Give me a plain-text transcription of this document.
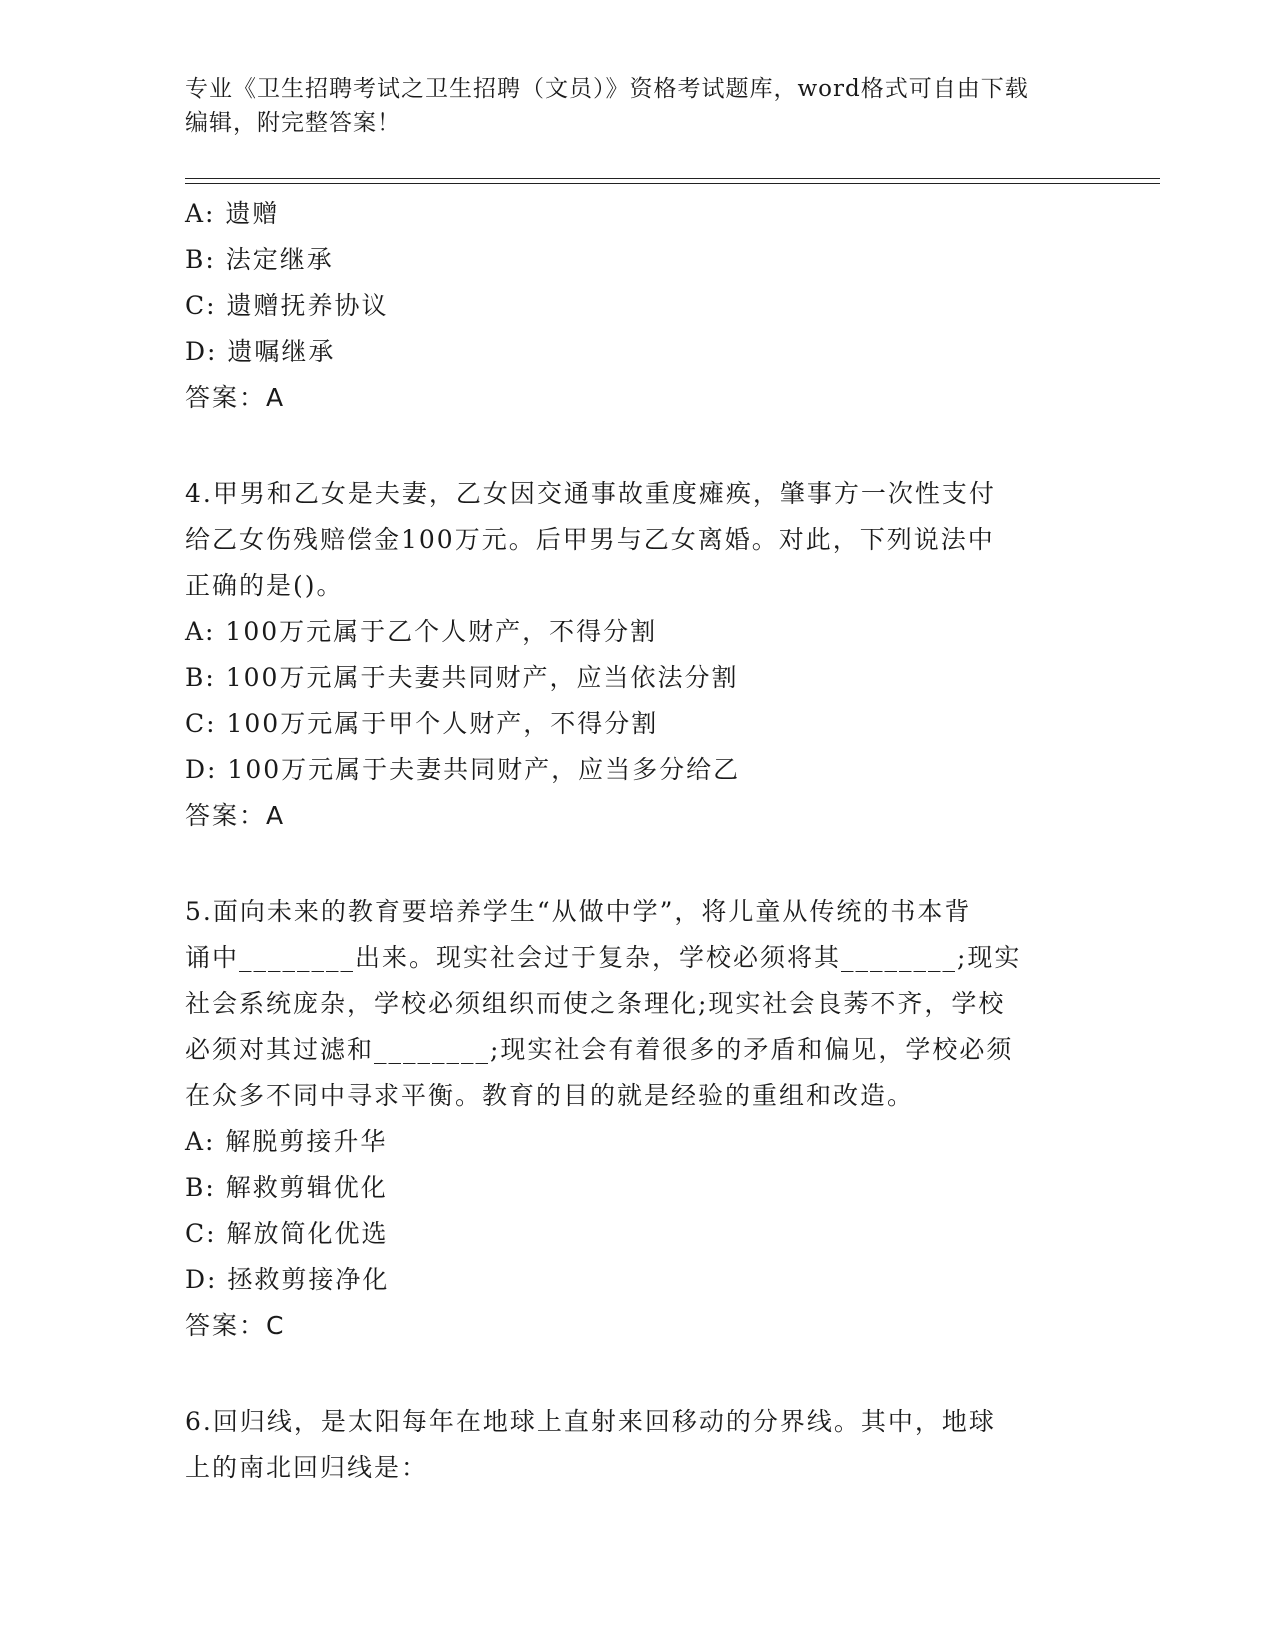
专业《卫生招聘考试之卫生招聘（文员）》资格考试题库，word格式可自由下载
编辑，附完整答案！
A: 遗赠
B: 法定继承
C: 遗赠抚养协议
D: 遗嘱继承
答案：A
4.甲男和乙女是夫妻，乙女因交通事故重度瘫痪，肇事方一次性支付
给乙女伤残赔偿金100万元。后甲男与乙女离婚。对此，下列说法中
正确的是()。
A: 100万元属于乙个人财产，不得分割
B: 100万元属于夫妻共同财产，应当依法分割
C: 100万元属于甲个人财产，不得分割
D: 100万元属于夫妻共同财产，应当多分给乙
答案：A
5.面向未来的教育要培养学生“从做中学”，将儿童从传统的书本背
诵中________出来。现实社会过于复杂，学校必须将其________;现实
社会系统庞杂，学校必须组织而使之条理化;现实社会良莠不齐，学校
必须对其过滤和________;现实社会有着很多的矛盾和偏见，学校必须
在众多不同中寻求平衡。教育的目的就是经验的重组和改造。
A: 解脱剪接升华
B: 解救剪辑优化
C: 解放简化优选
D: 拯救剪接净化
答案：C
6.回归线，是太阳每年在地球上直射来回移动的分界线。其中，地球
上的南北回归线是：
